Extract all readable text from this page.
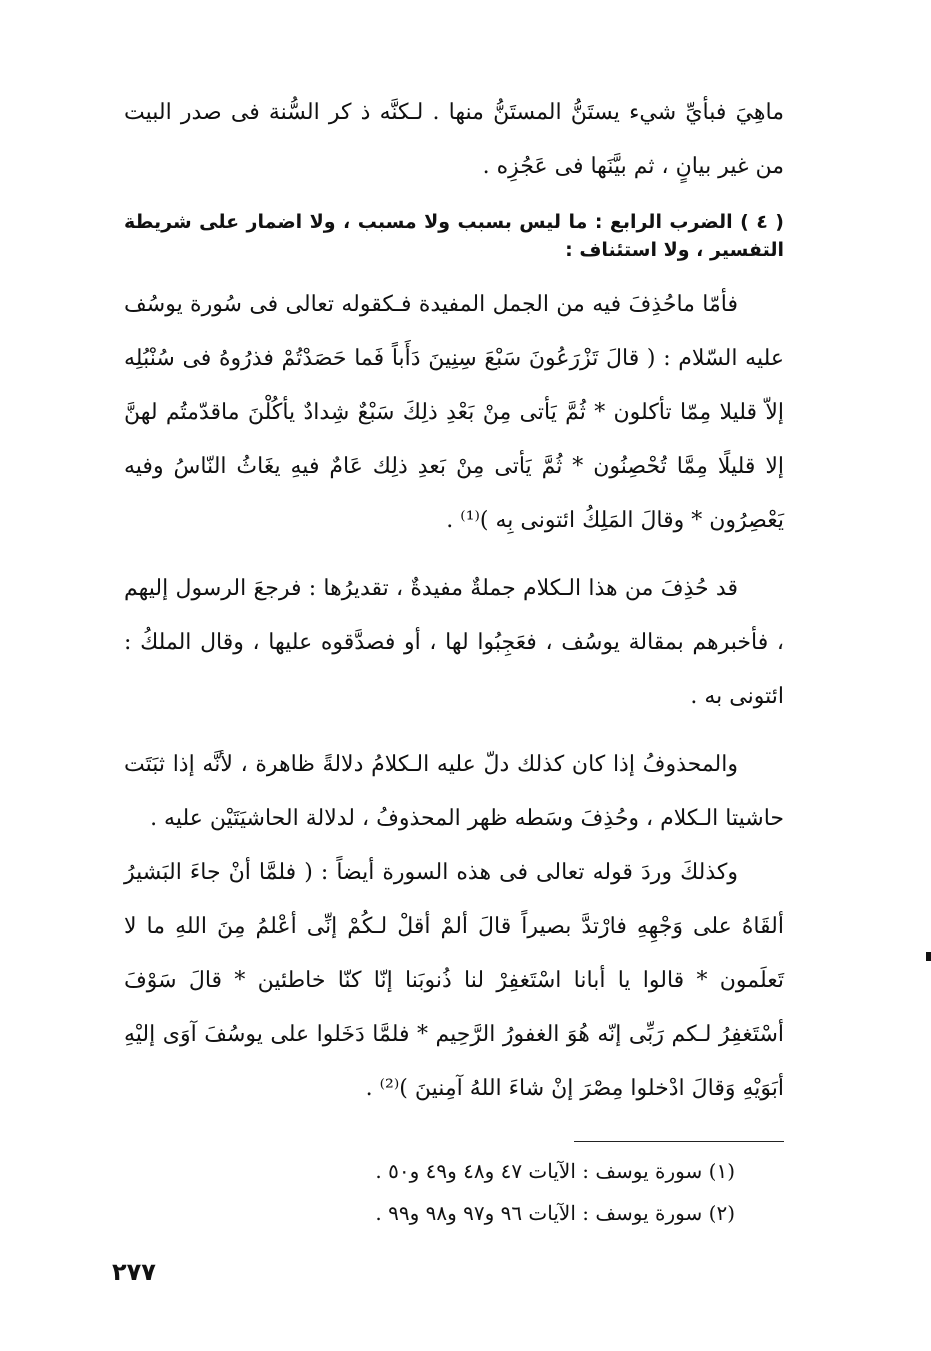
ماهِيَ فبأيِّ شيء يستَنُّ المستَنُّ منها . لـكنَّه ذ كر السُّنة فى صدر البيت من غير بيانٍ ، ثم بيَّنَها فى عَجُزِه .

( ٤ ) الضرب الرابع : ما ليس بسبب ولا مسبب ، ولا اضمار على شريطة التفسير ، ولا استئناف :

فأمّا ماحُذِفَ فيه من الجمل المفيدة فـكقوله تعالى فى سُورة يوسُف عليه السّلام : ( قالَ تَزْرَعُونَ سَبْعَ سِنِينَ دَأَباً فَما حَصَدْتُمْ فذرُوهُ فى سُنْبُلِه إلاّ قليلا مِمّا تأكلون * ثُمَّ يَأتى مِنْ بَعْدِ ذلِكَ سَبْعٌ شِدادٌ يأكُلْنَ ماقدّمتُم لهنَّ إلا قليلًا مِمَّا تُحْصِنُون * ثُمَّ يَأتى مِنْ بَعدِ ذلِك عَامٌ فيهِ يغَاثُ النّاسُ وفيه يَعْصِرُون * وقالَ المَلِكُ ائتونى بِه )⁽¹⁾ .

قد حُذِفَ من هذا الـكلام جملةٌ مفيدةٌ ، تقديرُها : فرجعَ الرسول إليهم ، فأخبرهم بمقالة يوسُف ، فعَجِبُوا لها ، أو فصدَّقوه عليها ، وقال الملكُ : ائتونى به .

والمحذوفُ إذا كان كذلك دلّ عليه الـكلامُ دلالةً ظاهرة ، لأنَّه إذا ثبَتَت حاشيتا الـكلام ، وحُذِفَ وسَطه ظهر المحذوفُ ، لدلالة الحاشيَتَيْن عليه .

وكذلكَ وردَ قوله تعالى فى هذه السورة أيضاً : ( فلمَّا أنْ جاءَ البَشيرُ ألقَاهُ على وَجْهِهِ فارْتدَّ بصيراً قالَ ألمْ أقلْ لـكُمْ إنِّى أعْلمُ مِنَ اللهِ ما لا تَعلَمون * قالوا يا أبانا اسْتَغفِرْ لنا ذُنوبَنا إنّا كنّا خاطئين * قالَ سَوْفَ أسْتَغفِرُ لـكم رَبِّى إنّه هُوَ الغفورُ الرَّحِيم * فلمَّا دَخَلوا على يوسُفَ آوَى إليْهِ أبَوَيْهِ وَقالَ ادْخلوا مِصْرَ إنْ شاءَ اللهُ آمِنينَ )⁽²⁾ .

(١) سورة يوسف : الآيات ٤٧ و٤٨ و٤٩ و٥٠ .

(٢) سورة يوسف : الآيات ٩٦ و٩٧ و٩٨ و٩٩ .

٢٧٧
